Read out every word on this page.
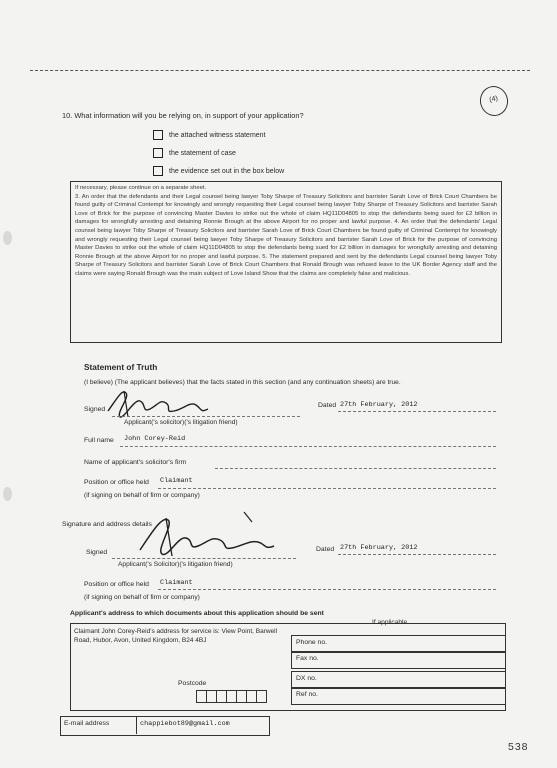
(4)
10. What information will you be relying on, in support of your application?
the attached witness statement
the statement of case
the evidence set out in the box below

If necessary, please continue on a separate sheet.

3. An order that the defendants and their Legal counsel being lawyer Toby Sharpe of Treasury Solicitors and barrister Sarah Love of Brick Court Chambers be found guilty of Criminal Contempt for knowingly and wrongly requesting their Legal counsel being lawyer Toby Sharpe of Treasury Solicitors and barrister Sarah Love of Brick for the purpose of convincing Master Davies to strike out the whole of claim HQ11D04805 to stop the defendants being sued for £2 billion in damages for wrongfully arresting and detaining Ronnie Brough at the above Airport for no proper and lawful purpose. 4. An order that the defendants' Legal counsel being lawyer Toby Sharpe of Treasury Solicitors and barrister Sarah Love of Brick Court Chambers be found guilty of Criminal Contempt for knowingly and wrongly requesting their Legal counsel being lawyer Toby Sharpe of Treasury Solicitors and barrister Sarah Love of Brick for the purpose of convincing Master Davies to strike out the whole of claim HQ11D04805 to stop the defendants being sued for £2 billion in damages for wrongfully arresting and detaining Ronnie Brough at the above Airport for no proper and lawful purpose. 5. The statement prepared and sent by the defendants Legal counsel being lawyer Toby Sharpe of Treasury Solicitors and barrister Sarah Love of Brick Court Chambers that Ronald Brough was refused leave to the UK Border Agency staff and the claims were saying Ronald Brough was the main subject of Love Island Show that the claims are completely false and malicious.

Statement of Truth
(I believe) (The applicant believes) that the facts stated in this section (and any continuation sheets) are true.
Signed
Dated 27th February, 2012
Applicant('s solicitor)('s litigation friend)
Full name John Corey-Reid
Name of applicant's solicitor's firm
Position or office held Claimant
(if signing on behalf of firm or company)
Signature and address details
Signed	Dated 27th February, 2012
Applicant('s Solicitor)('s litigation friend)
Position or office held Claimant
(if signing on behalf of firm or company)
Applicant's address to which documents about this application should be sent
Claimant John Corey-Reid's address for service is: View Point, Barwell Road, Hubor, Avon, United Kingdom, B24 4BJ
If applicable
Phone no.
Fax no.
DX no.
Ref no.
Postcode
E-mail address	chappiebot89@gmail.com
538
